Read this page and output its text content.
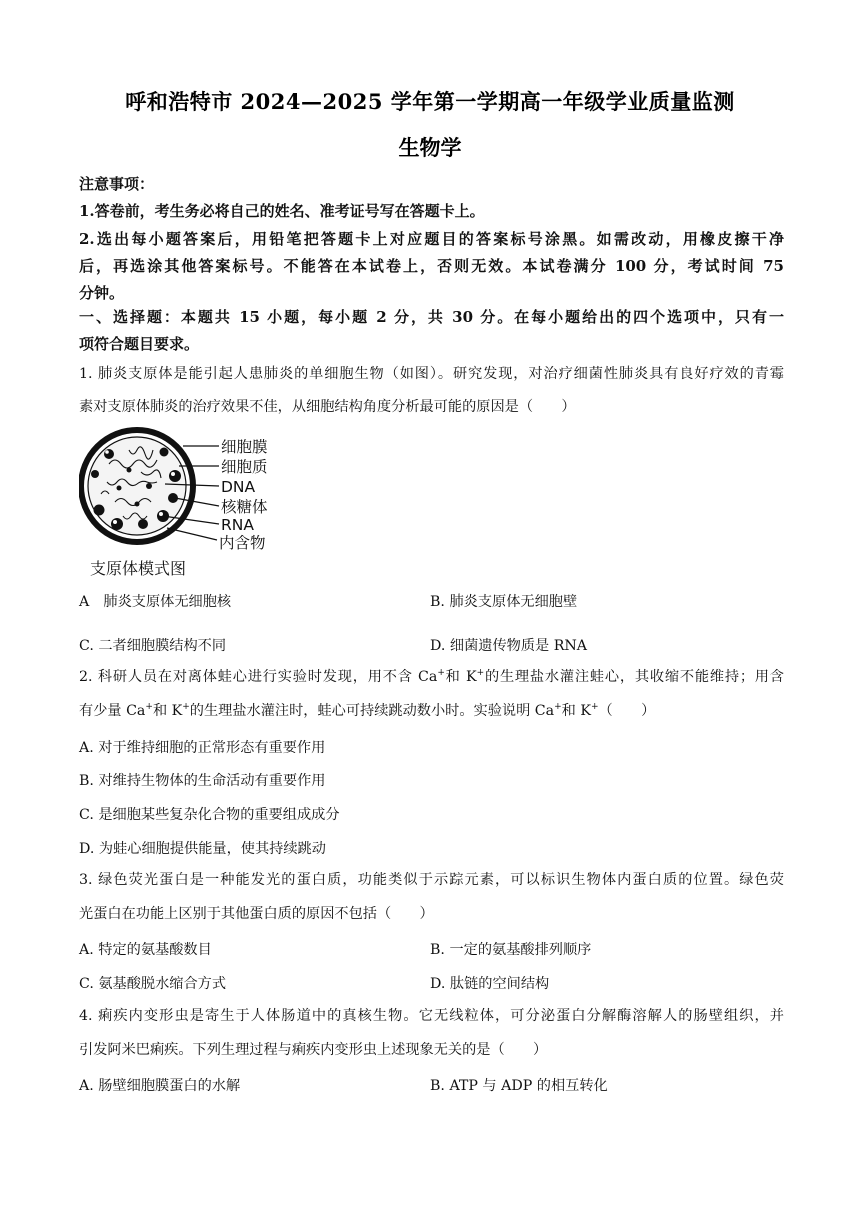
呼和浩特市 2024—2025 学年第一学期高一年级学业质量监测
生物学
注意事项：
1.答卷前，考生务必将自己的姓名、准考证号写在答题卡上。
2.选出每小题答案后，用铅笔把答题卡上对应题目的答案标号涂黑。如需改动，用橡皮擦干净
后，再选涂其他答案标号。不能答在本试卷上，否则无效。本试卷满分 100 分，考试时间 75
分钟。
一、选择题：本题共 15 小题，每小题 2 分，共 30 分。在每小题给出的四个选项中，只有一
项符合题目要求。
1. 肺炎支原体是能引起人患肺炎的单细胞生物（如图）。研究发现，对治疗细菌性肺炎具有良好疗效的青霉
素对支原体肺炎的治疗效果不佳，从细胞结构角度分析最可能的原因是（　　）
细胞膜
细胞质
DNA
核糖体
RNA
内含物
支原体模式图
A　肺炎支原体无细胞核	B. 肺炎支原体无细胞壁
C. 二者细胞膜结构不同	D. 细菌遗传物质是 RNA
2. 科研人员在对离体蛙心进行实验时发现，用不含 Ca+和 K+的生理盐水灌注蛙心，其收缩不能维持；用含
有少量 Ca+和 K+的生理盐水灌注时，蛙心可持续跳动数小时。实验说明 Ca+和 K+（　　）
A. 对于维持细胞的正常形态有重要作用
B. 对维持生物体的生命活动有重要作用
C. 是细胞某些复杂化合物的重要组成成分
D. 为蛙心细胞提供能量，使其持续跳动
3. 绿色荧光蛋白是一种能发光的蛋白质，功能类似于示踪元素，可以标识生物体内蛋白质的位置。绿色荧
光蛋白在功能上区别于其他蛋白质的原因不包括（　　）
A. 特定的氨基酸数目	B. 一定的氨基酸排列顺序
C. 氨基酸脱水缩合方式	D. 肽链的空间结构
4. 痢疾内变形虫是寄生于人体肠道中的真核生物。它无线粒体，可分泌蛋白分解酶溶解人的肠壁组织，并
引发阿米巴痢疾。下列生理过程与痢疾内变形虫上述现象无关的是（　　）
A. 肠壁细胞膜蛋白的水解	B. ATP 与 ADP 的相互转化
